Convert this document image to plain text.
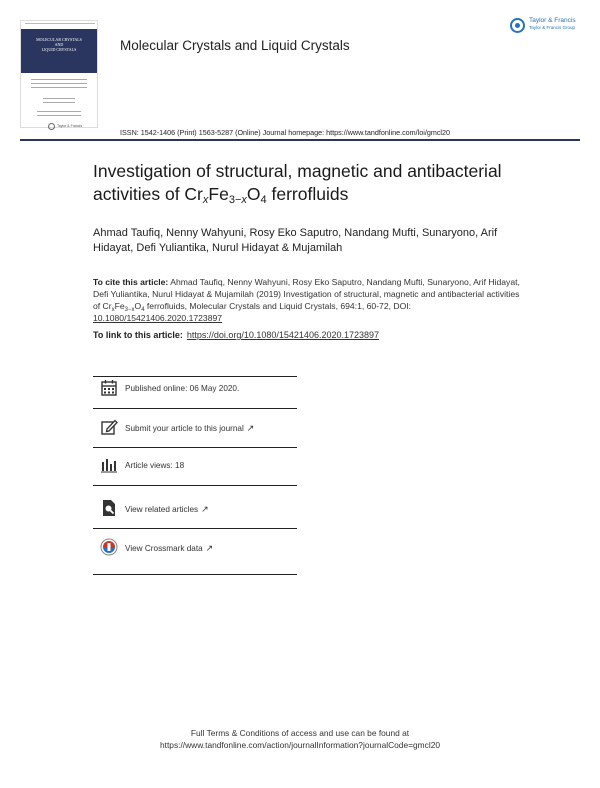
MOLECULAR CRYSTALS
AND
LIQUID CRYSTALS	Molecular Crystals and Liquid Crystals
Taylor & Francis
Taylor & Francis Group
Taylor & Francis
ISSN: 1542-1406 (Print) 1563-5287 (Online) Journal homepage: https://www.tandfonline.com/loi/gmcl20
Investigation of structural, magnetic and antibacterial activities of $Cr_xFe_{3-x}O_4$ ferrofluids
Ahmad Taufiq, Nenny Wahyuni, Rosy Eko Saputro, Nandang Mufti, Sunaryono, Arif Hidayat, Defi Yuliantika, Nurul Hidayat & Mujamilah
To cite this article: Ahmad Taufiq, Nenny Wahyuni, Rosy Eko Saputro, Nandang Mufti, Sunaryono, Arif Hidayat, Defi Yuliantika, Nurul Hidayat & Mujamilah (2019) Investigation of structural, magnetic and antibacterial activities of $Cr_xFe_{3-x}O_4$ ferrofluids, Molecular Crystals and Liquid Crystals, 694:1, 60-72, DOI: 10.1080/15421406.2020.1723897
To link to this article: https://doi.org/10.1080/15421406.2020.1723897
Published online: 06 May 2020.
Submit your article to this journal ↗
Article views: 18
View related articles ↗
View Crossmark data ↗
Full Terms & Conditions of access and use can be found at
https://www.tandfonline.com/action/journalInformation?journalCode=gmcl20
